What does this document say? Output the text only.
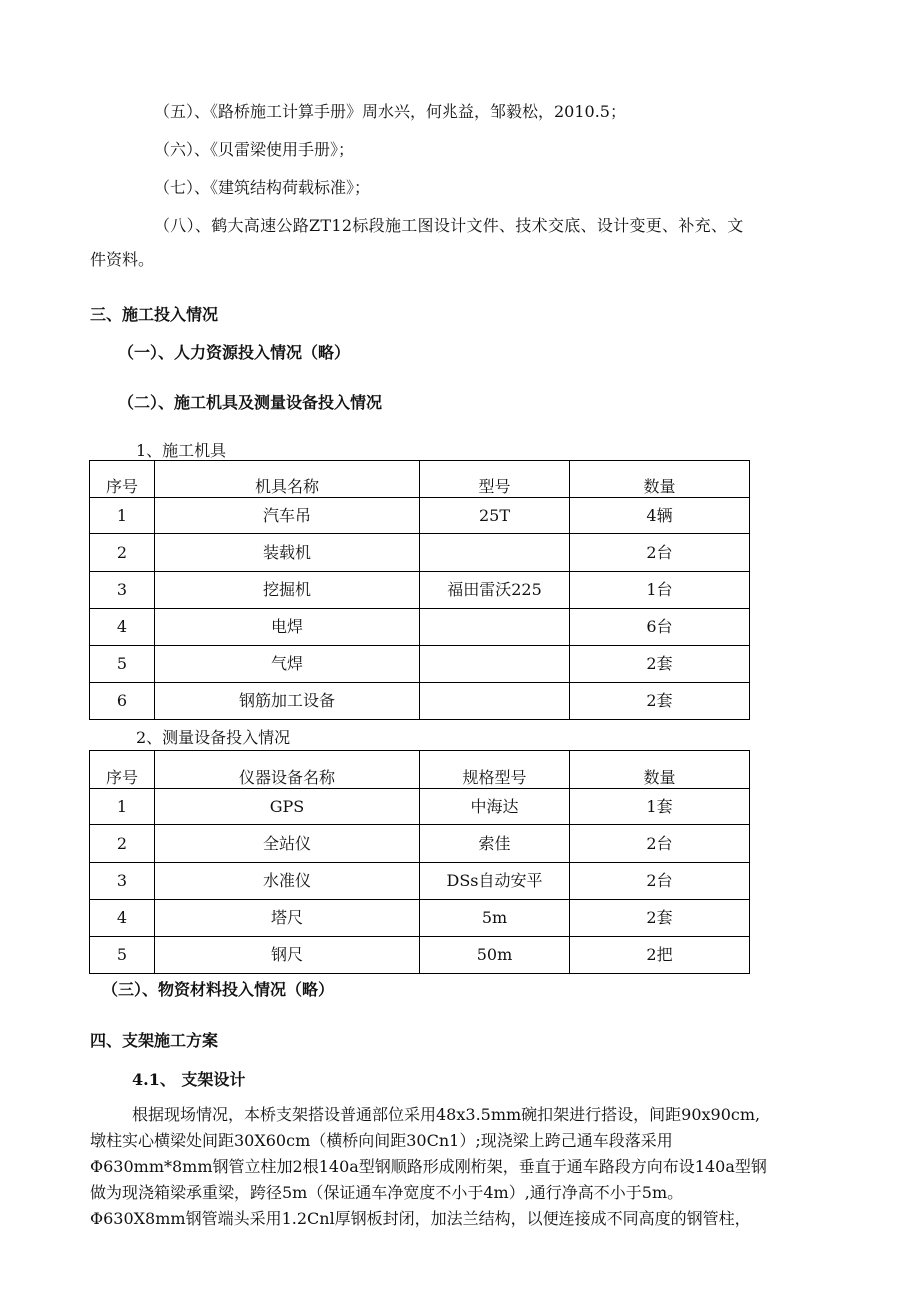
（五）、《路桥施工计算手册》周水兴，何兆益，邹毅松，2010.5；
（六）、《贝雷梁使用手册》；
（七）、《建筑结构荷载标准》；
（八）、鹤大高速公路ZT12标段施工图设计文件、技术交底、设计变更、补充、文
件资料。
三、施工投入情况
（一）、人力资源投入情况（略）
（二）、施工机具及测量设备投入情况
1、施工机具
序号	机具名称	型号	数量
1	汽车吊	25T	4辆
2	装载机		2台
3	挖掘机	福田雷沃225	1台
4	电焊		6台
5	气焊		2套
6	钢筋加工设备		2套
2、测量设备投入情况
序号	仪器设备名称	规格型号	数量
1	GPS	中海达	1套
2	全站仪	索佳	2台
3	水准仪	DSs自动安平	2台
4	塔尺	5m	2套
5	钢尺	50m	2把
（三）、物资材料投入情况（略）
四、支架施工方案
4.1、 支架设计
根据现场情况，本桥支架搭设普通部位采用48x3.5mm碗扣架进行搭设，间距90x90cm,
墩柱实心横梁处间距30X60cm（横桥向间距30Cn1）;现浇梁上跨己通车段落采用
Φ630mm*8mm钢管立柱加2根140a型钢顺路形成刚桁架，垂直于通车路段方向布设140a型钢
做为现浇箱梁承重梁，跨径5m（保证通车净宽度不小于4m）,通行净高不小于5m。
Φ630X8mm钢管端头采用1.2Cnl厚钢板封闭，加法兰结构，以便连接成不同高度的钢管柱，
